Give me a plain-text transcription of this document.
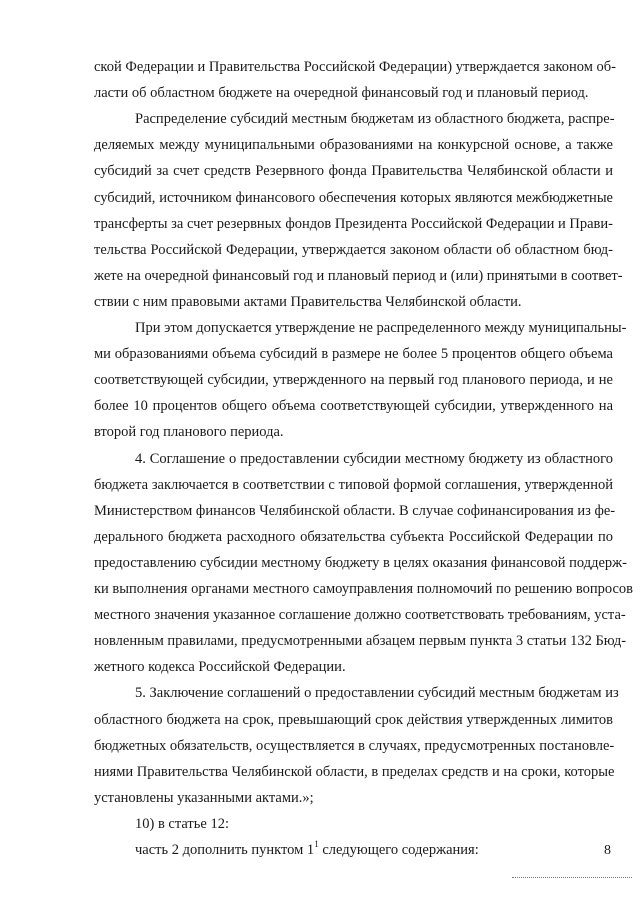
ской Федерации и Правительства Российской Федерации) утверждается законом об-
ласти об областном бюджете на очередной финансовый год и плановый период.
Распределение субсидий местным бюджетам из областного бюджета, распре-
деляемых между муниципальными образованиями на конкурсной основе, а также
субсидий за счет средств Резервного фонда Правительства Челябинской области и
субсидий, источником финансового обеспечения которых являются межбюджетные
трансферты за счет резервных фондов Президента Российской Федерации и Прави-
тельства Российской Федерации, утверждается законом области об областном бюд-
жете на очередной финансовый год и плановый период и (или) принятыми в соответ-
ствии с ним правовыми актами Правительства Челябинской области.
При этом допускается утверждение не распределенного между муниципальны-
ми образованиями объема субсидий в размере не более 5 процентов общего объема
соответствующей субсидии, утвержденного на первый год планового периода, и не
более 10 процентов общего объема соответствующей субсидии, утвержденного на
второй год планового периода.
4. Соглашение о предоставлении субсидии местному бюджету из областного
бюджета заключается в соответствии с типовой формой соглашения, утвержденной
Министерством финансов Челябинской области. В случае софинансирования из фе-
дерального бюджета расходного обязательства субъекта Российской Федерации по
предоставлению субсидии местному бюджету в целях оказания финансовой поддерж-
ки выполнения органами местного самоуправления полномочий по решению вопросов
местного значения указанное соглашение должно соответствовать требованиям, уста-
новленным правилами, предусмотренными абзацем первым пункта 3 статьи 132 Бюд-
жетного кодекса Российской Федерации.
5. Заключение соглашений о предоставлении субсидий местным бюджетам из
областного бюджета на срок, превышающий срок действия утвержденных лимитов
бюджетных обязательств, осуществляется в случаях, предусмотренных постановле-
ниями Правительства Челябинской области, в пределах средств и на сроки, которые
установлены указанными актами.»;
10) в статье 12:
часть 2 дополнить пунктом $1^1$ следующего содержания:	8
